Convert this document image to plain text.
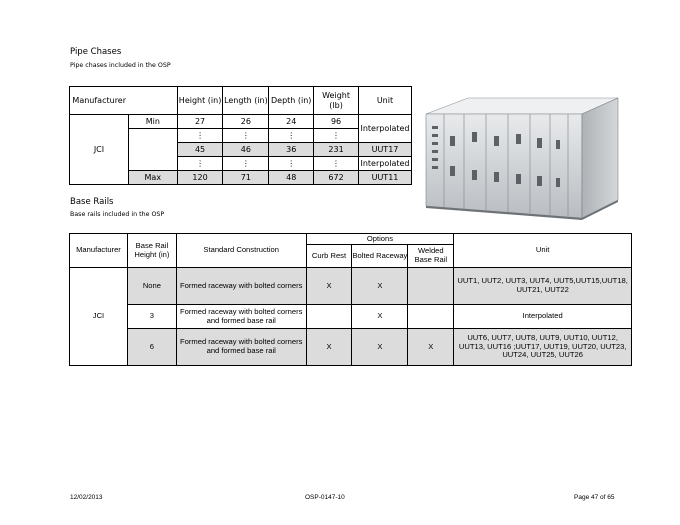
Pipe Chases
Pipe chases included in the OSP
Manufacturer		Height (in)	Length (in)	Depth (in)	Weight (lb)	Unit
JCI	Min	27	26	24	96	Interpolated
		⋮	⋮	⋮	⋮	
		45	46	36	231	UUT17
		⋮	⋮	⋮	⋮	Interpolated
	Max	120	71	48	672	UUT11
Base Rails
Base rails included in the OSP
Manufacturer	Base Rail Height (in)	Standard Construction	Options			Unit
			Curb Rest	Bolted Raceway	Welded Base Rail	
JCI	None	Formed raceway with bolted corners	X	X		UUT1, UUT2, UUT3, UUT4, UUT5,UUT15,UUT18, UUT21, UUT22
	3	Formed raceway with bolted corners and formed base rail		X		Interpolated
	6	Formed raceway with bolted corners and formed base rail	X	X	X	UUT6, UUT7, UUT8, UUT9, UUT10, UUT12, UUT13, UUT16 ;UUT17, UUT19, UUT20, UUT23, UUT24, UUT25, UUT26
12/02/2013	OSP-0147-10	Page 47 of 65
